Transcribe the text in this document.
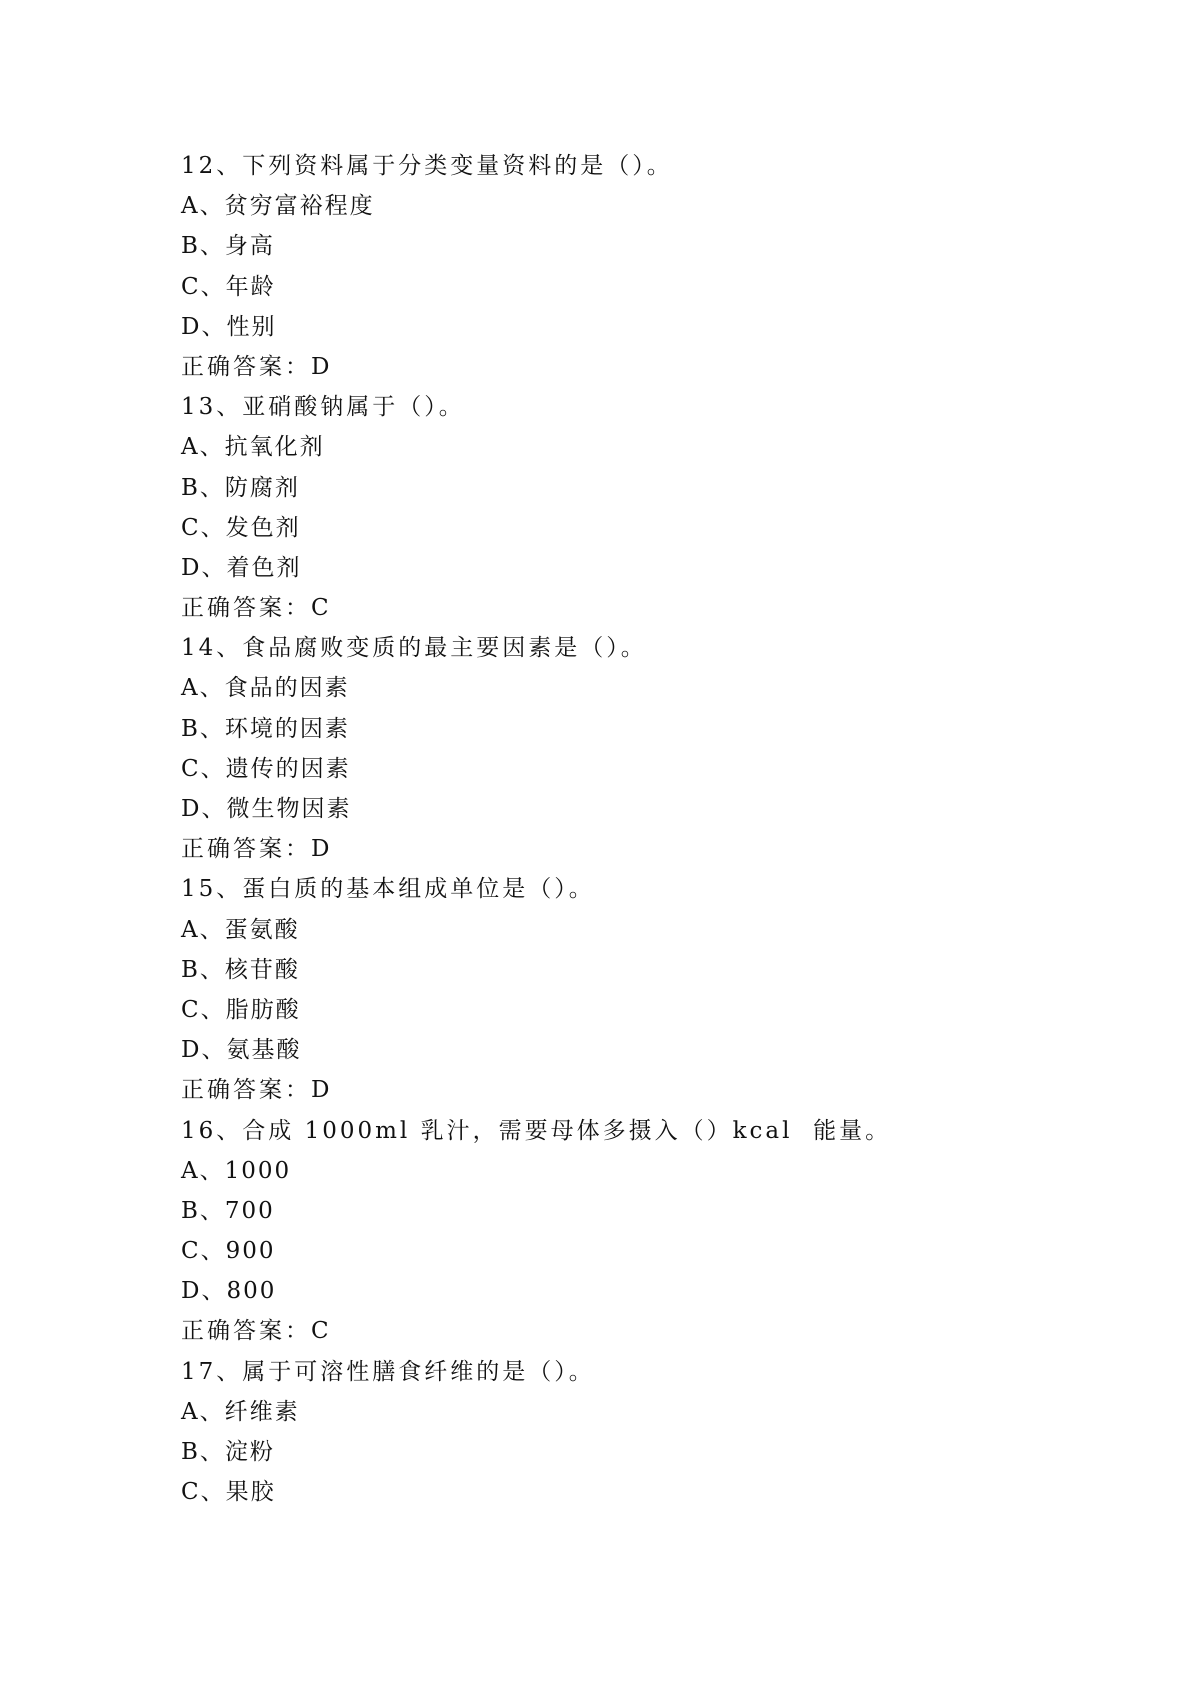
12、下列资料属于分类变量资料的是（）。
A、贫穷富裕程度
B、身高
C、年龄
D、性别
正确答案：D
13、亚硝酸钠属于（）。
A、抗氧化剂
B、防腐剂
C、发色剂
D、着色剂
正确答案：C
14、食品腐败变质的最主要因素是（）。
A、食品的因素
B、环境的因素
C、遗传的因素
D、微生物因素
正确答案：D
15、蛋白质的基本组成单位是（）。
A、蛋氨酸
B、核苷酸
C、脂肪酸
D、氨基酸
正确答案：D
16、合成 1000ml 乳汁，需要母体多摄入（）kcal  能量。
A、1000
B、700
C、900
D、800
正确答案：C
17、属于可溶性膳食纤维的是（）。
A、纤维素
B、淀粉
C、果胶
